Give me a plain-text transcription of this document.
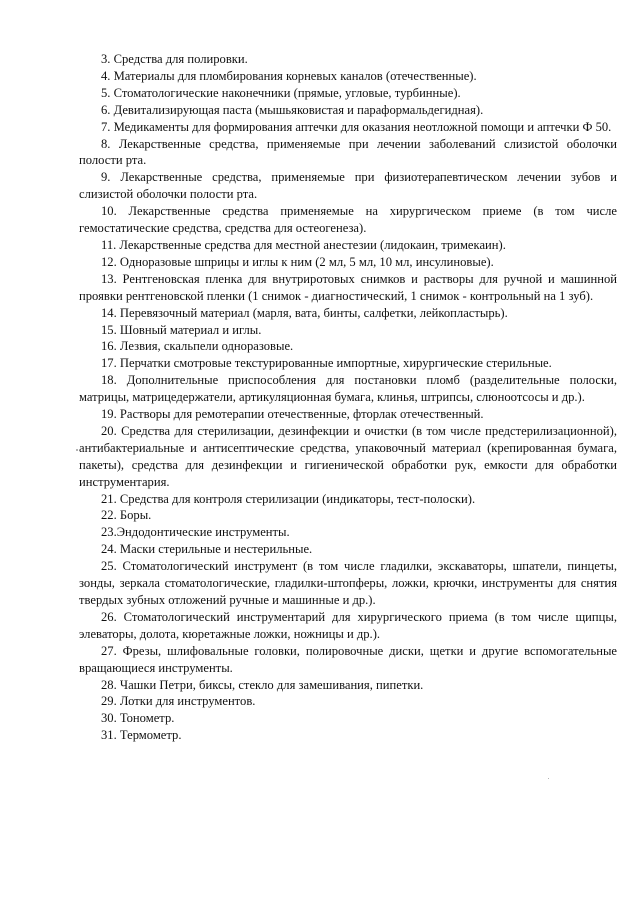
3. Средства для полировки.
4. Материалы для пломбирования корневых каналов (отечественные).
5. Стоматологические наконечники (прямые, угловые, турбинные).
6. Девитализирующая паста (мышьяковистая и параформальдегидная).
7. Медикаменты для формирования аптечки для оказания неотложной помощи и аптечки Ф 50.
8. Лекарственные средства, применяемые при лечении заболеваний слизистой оболочки полости рта.
9. Лекарственные средства, применяемые при физиотерапевтическом лечении зубов и слизистой оболочки полости рта.
10. Лекарственные средства применяемые на хирургическом приеме (в том числе гемостатические средства, средства для остеогенеза).
11. Лекарственные средства для местной анестезии (лидокаин, тримекаин).
12. Одноразовые шприцы и иглы к ним (2 мл, 5 мл, 10 мл, инсулиновые).
13. Рентгеновская пленка для внутриротовых снимков и растворы для ручной и машинной проявки рентгеновской пленки (1 снимок - диагностический, 1 снимок - контрольный на 1 зуб).
14. Перевязочный материал (марля, вата, бинты, салфетки, лейкопластырь).
15. Шовный материал и иглы.
16. Лезвия, скальпели одноразовые.
17. Перчатки смотровые текстурированные импортные, хирургические стерильные.
18. Дополнительные приспособления для постановки пломб (разделительные полоски, матрицы, матрицедержатели, артикуляционная бумага, клинья, штрипсы, слюноотсосы и др.).
19. Растворы для ремотерапии отечественные, фторлак отечественный.
20. Средства для стерилизации, дезинфекции и очистки (в том числе предстерилизационной), антибактериальные и антисептические средства, упаковочный материал (крепированная бумага, пакеты), средства для дезинфекции и гигиенической обработки рук, емкости для обработки инструментария.
21. Средства для контроля стерилизации (индикаторы, тест-полоски).
22. Боры.
23.Эндодонтические инструменты.
24. Маски стерильные и нестерильные.
25. Стоматологический инструмент (в том числе гладилки, экскаваторы, шпатели, пинцеты, зонды, зеркала стоматологические, гладилки-штопферы, ложки, крючки, инструменты для снятия твердых зубных отложений ручные и машинные и др.).
26. Стоматологический инструментарий для хирургического приема (в том числе щипцы, элеваторы, долота, кюретажные ложки, ножницы и др.).
27. Фрезы, шлифовальные головки, полировочные диски, щетки и другие вспомогательные вращающиеся инструменты.
28. Чашки Петри, биксы, стекло для замешивания, пипетки.
29. Лотки для инструментов.
30. Тонометр.
31. Термометр.
